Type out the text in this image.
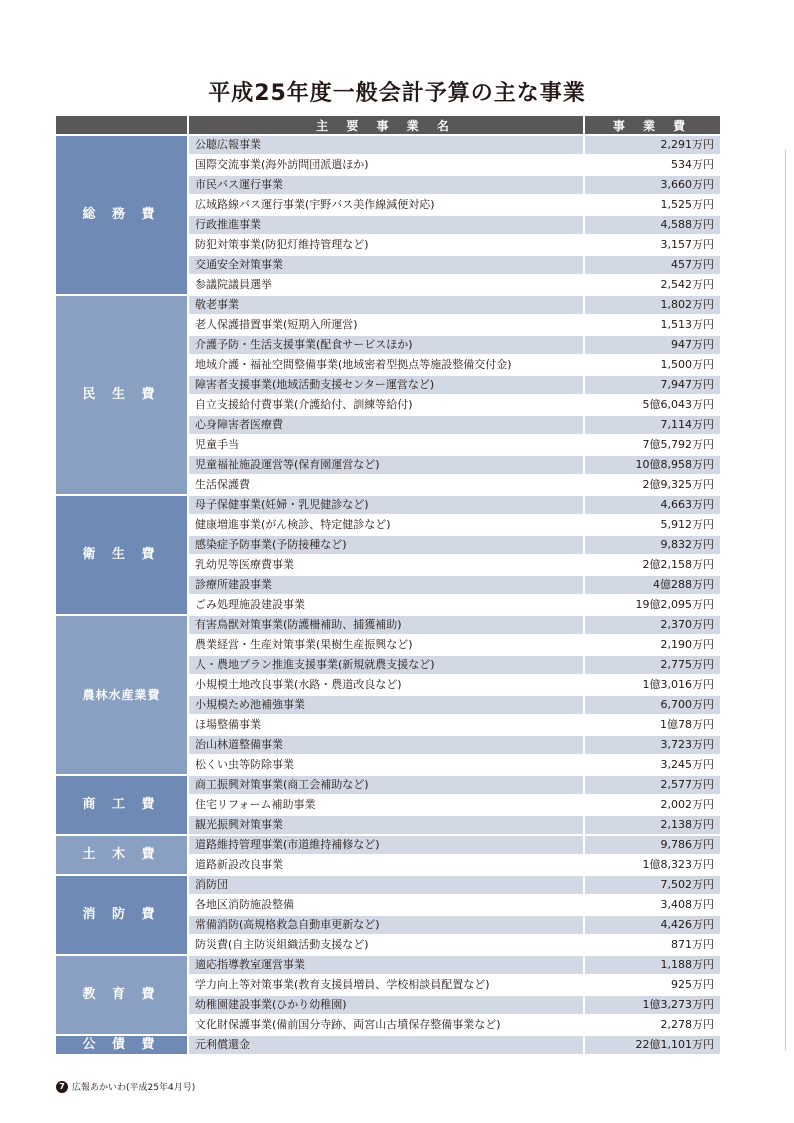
平成25年度一般会計予算の主な事業
	主 要 事 業 名	事 業 費
総 務 費	公聴広報事業	2,291万円
	国際交流事業(海外訪問団派遣ほか)	534万円
	市民バス運行事業	3,660万円
	広域路線バス運行事業(宇野バス美作線減便対応)	1,525万円
	行政推進事業	4,588万円
	防犯対策事業(防犯灯維持管理など)	3,157万円
	交通安全対策事業	457万円
	参議院議員選挙	2,542万円
民 生 費	敬老事業	1,802万円
	老人保護措置事業(短期入所運営)	1,513万円
	介護予防・生活支援事業(配食サービスほか)	947万円
	地域介護・福祉空間整備事業(地域密着型拠点等施設整備交付金)	1,500万円
	障害者支援事業(地域活動支援センター運営など)	7,947万円
	自立支援給付費事業(介護給付、訓練等給付)	5億6,043万円
	心身障害者医療費	7,114万円
	児童手当	7億5,792万円
	児童福祉施設運営等(保育園運営など)	10億8,958万円
	生活保護費	2億9,325万円
衛 生 費	母子保健事業(妊婦・乳児健診など)	4,663万円
	健康増進事業(がん検診、特定健診など)	5,912万円
	感染症予防事業(予防接種など)	9,832万円
	乳幼児等医療費事業	2億2,158万円
	診療所建設事業	4億288万円
	ごみ処理施設建設事業	19億2,095万円
農林水産業費	有害鳥獣対策事業(防護柵補助、捕獲補助)	2,370万円
	農業経営・生産対策事業(果樹生産振興など)	2,190万円
	人・農地プラン推進支援事業(新規就農支援など)	2,775万円
	小規模土地改良事業(水路・農道改良など)	1億3,016万円
	小規模ため池補強事業	6,700万円
	ほ場整備事業	1億78万円
	治山林道整備事業	3,723万円
	松くい虫等防除事業	3,245万円
商 工 費	商工振興対策事業(商工会補助など)	2,577万円
	住宅リフォーム補助事業	2,002万円
	観光振興対策事業	2,138万円
土 木 費	道路維持管理事業(市道維持補修など)	9,786万円
	道路新設改良事業	1億8,323万円
消 防 費	消防団	7,502万円
	各地区消防施設整備	3,408万円
	常備消防(高規格救急自動車更新など)	4,426万円
	防災費(自主防災組織活動支援など)	871万円
教 育 費	適応指導教室運営事業	1,188万円
	学力向上等対策事業(教育支援員増員、学校相談員配置など)	925万円
	幼稚園建設事業(ひかり幼稚園)	1億3,273万円
	文化財保護事業(備前国分寺跡、両宮山古墳保存整備事業など)	2,278万円
公 債 費	元利償還金	22億1,101万円
7 広報あかいわ(平成25年4月号)
